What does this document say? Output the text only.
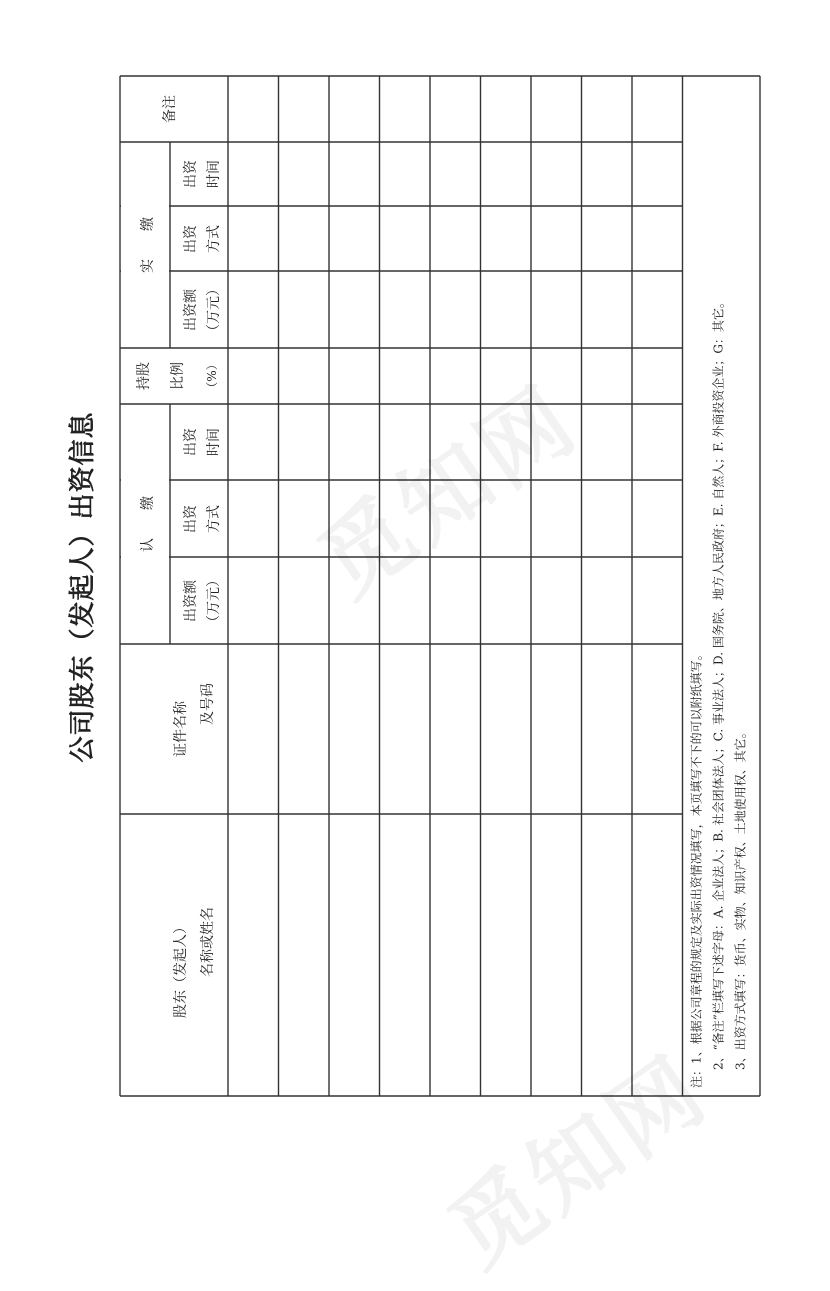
公司股东（发起人）出资信息
股东（发起人） 名称或姓名
证件名称 及号码
认　　缴
实　　缴
出资额 （万元）
出资 方式
出资 时间
出资额 （万元）
出资 方式
出资 时间
持股 比例 （%）
备注
注：1、根据公司章程的规定及实际出资情况填写，本页填写不下的可以附纸填写。 2、“备注”栏填写下述字母：A. 企业法人；B. 社会团体法人；C. 事业法人；D. 国务院、地方人民政府；E. 自然人；F. 外商投资企业；G：其它。 3、出资方式填写：货币、实物、知识产权、土地使用权、其它。
觅知网
觅知网
